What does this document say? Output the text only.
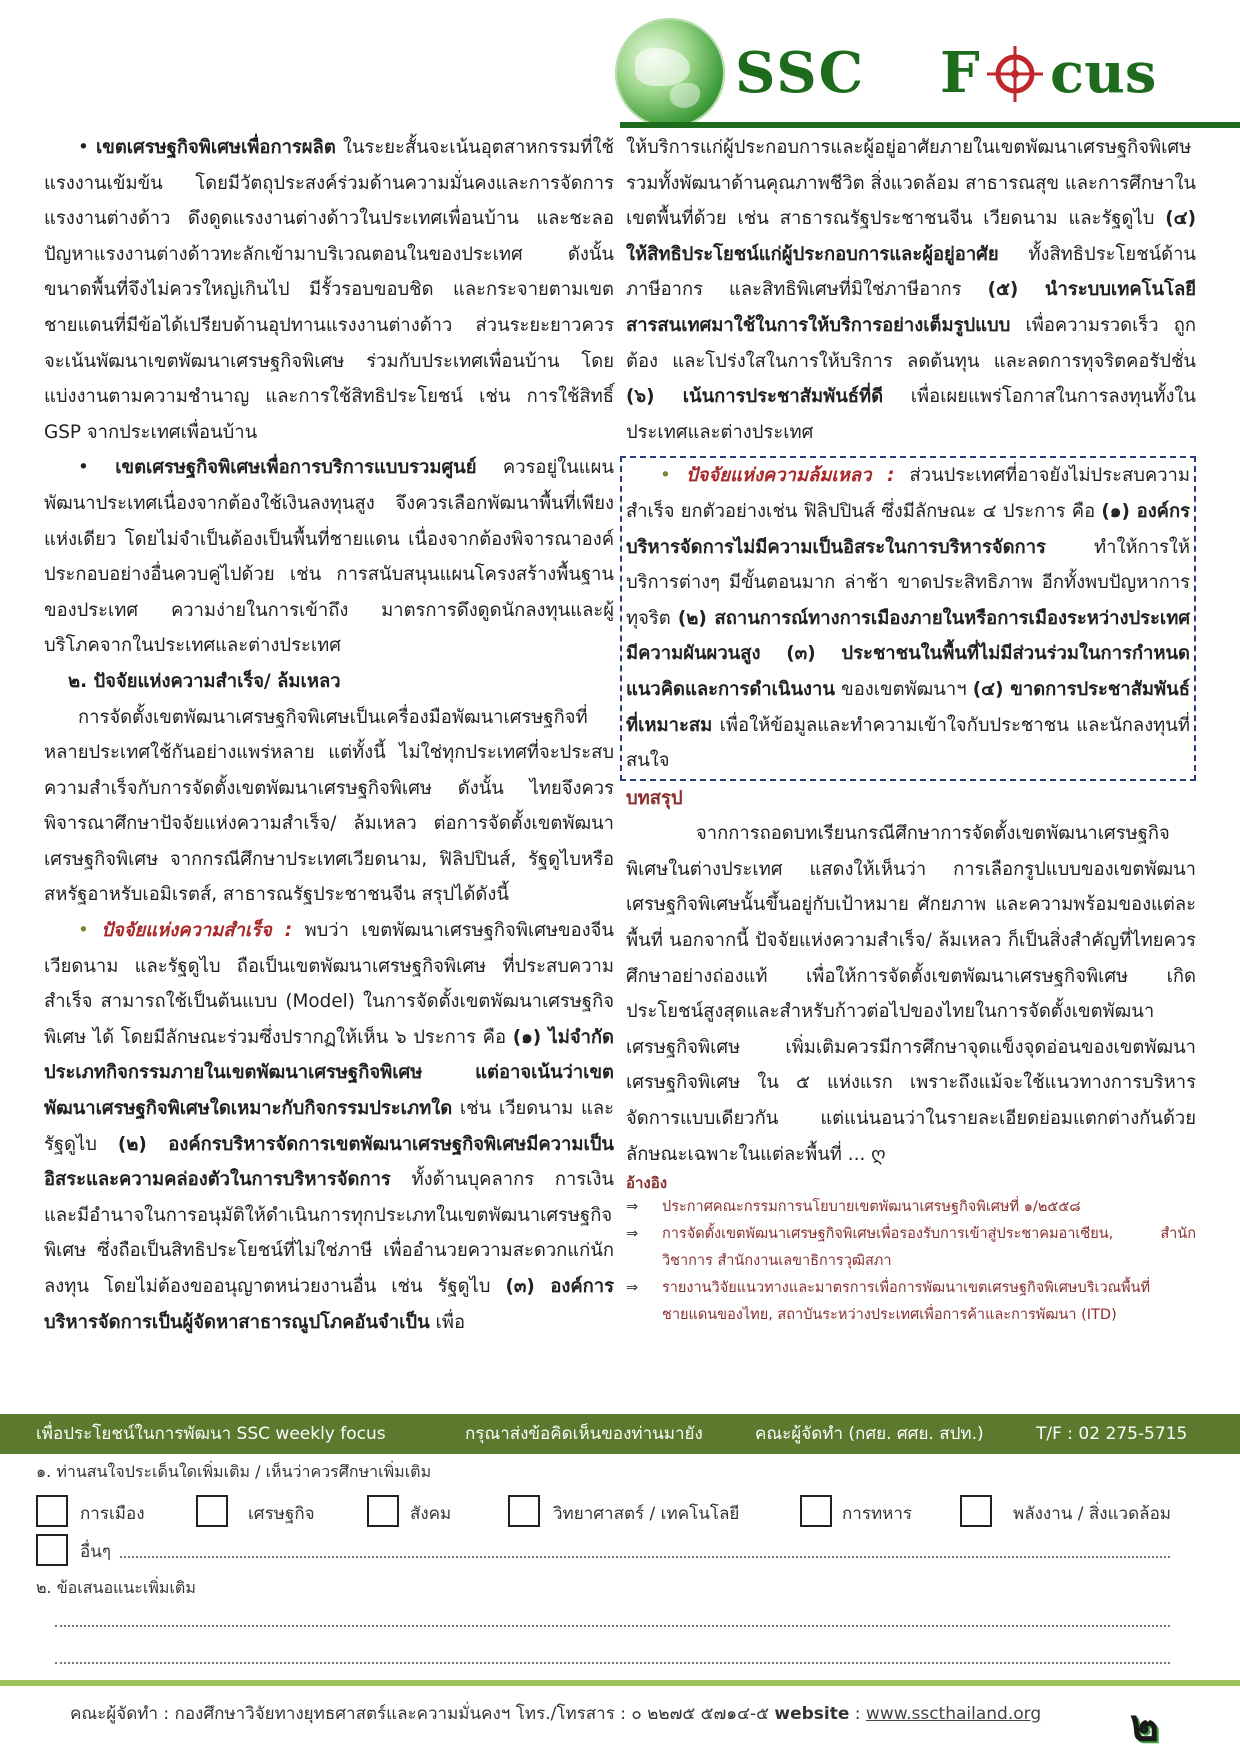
SSC F cus

• เขตเศรษฐกิจพิเศษเพื่อการผลิต ในระยะสั้นจะเน้นอุตสาหกรรมที่ใช้แรงงานเข้มข้น โดยมีวัตถุประสงค์ร่วมด้านความมั่นคงและการจัดการแรงงานต่างด้าว ดึงดูดแรงงานต่างด้าวในประเทศเพื่อนบ้าน และชะลอปัญหาแรงงานต่างด้าวทะลักเข้ามาบริเวณตอนในของประเทศ ดังนั้น ขนาดพื้นที่จึงไม่ควรใหญ่เกินไป มีรั้วรอบขอบชิด และกระจายตามเขตชายแดนที่มีข้อได้เปรียบด้านอุปทานแรงงานต่างด้าว ส่วนระยะยาวควรจะเน้นพัฒนาเขตพัฒนาเศรษฐกิจพิเศษ ร่วมกับประเทศเพื่อนบ้าน โดยแบ่งงานตามความชำนาญ และการใช้สิทธิประโยชน์ เช่น การใช้สิทธิ์ GSP จากประเทศเพื่อนบ้าน

• เขตเศรษฐกิจพิเศษเพื่อการบริการแบบรวมศูนย์ ควรอยู่ในแผนพัฒนาประเทศเนื่องจากต้องใช้เงินลงทุนสูง จึงควรเลือกพัฒนาพื้นที่เพียงแห่งเดียว โดยไม่จำเป็นต้องเป็นพื้นที่ชายแดน เนื่องจากต้องพิจารณาองค์ประกอบอย่างอื่นควบคู่ไปด้วย เช่น การสนับสนุนแผนโครงสร้างพื้นฐานของประเทศ ความง่ายในการเข้าถึง มาตรการดึงดูดนักลงทุนและผู้บริโภคจากในประเทศและต่างประเทศ

๒. ปัจจัยแห่งความสำเร็จ/ ล้มเหลว

การจัดตั้งเขตพัฒนาเศรษฐกิจพิเศษเป็นเครื่องมือพัฒนาเศรษฐกิจที่หลายประเทศใช้กันอย่างแพร่หลาย แต่ทั้งนี้ ไม่ใช่ทุกประเทศที่จะประสบความสำเร็จกับการจัดตั้งเขตพัฒนาเศรษฐกิจพิเศษ ดังนั้น ไทยจึงควรพิจารณาศึกษาปัจจัยแห่งความสำเร็จ/ ล้มเหลว ต่อการจัดตั้งเขตพัฒนาเศรษฐกิจพิเศษ จากกรณีศึกษาประเทศเวียดนาม, ฟิลิปปินส์, รัฐดูไบหรือสหรัฐอาหรับเอมิเรตส์, สาธารณรัฐประชาชนจีน สรุปได้ดังนี้

• ปัจจัยแห่งความสำเร็จ : พบว่า เขตพัฒนาเศรษฐกิจพิเศษของจีน เวียดนาม และรัฐดูไบ ถือเป็นเขตพัฒนาเศรษฐกิจพิเศษ ที่ประสบความสำเร็จ สามารถใช้เป็นต้นแบบ (Model) ในการจัดตั้งเขตพัฒนาเศรษฐกิจพิเศษ ได้ โดยมีลักษณะร่วมซึ่งปรากฏให้เห็น ๖ ประการ คือ (๑) ไม่จำกัดประเภทกิจกรรมภายในเขตพัฒนาเศรษฐกิจพิเศษ แต่อาจเน้นว่าเขตพัฒนาเศรษฐกิจพิเศษใดเหมาะกับกิจกรรมประเภทใด เช่น เวียดนาม และรัฐดูไบ (๒) องค์กรบริหารจัดการเขตพัฒนาเศรษฐกิจพิเศษมีความเป็นอิสระและความคล่องตัวในการบริหารจัดการ ทั้งด้านบุคลากร การเงิน และมีอำนาจในการอนุมัติให้ดำเนินการทุกประเภทในเขตพัฒนาเศรษฐกิจพิเศษ ซึ่งถือเป็นสิทธิประโยชน์ที่ไม่ใช่ภาษี เพื่ออำนวยความสะดวกแก่นักลงทุน โดยไม่ต้องขออนุญาตหน่วยงานอื่น เช่น รัฐดูไบ (๓) องค์การบริหารจัดการเป็นผู้จัดหาสาธารณูปโภคอันจำเป็น เพื่อ

ให้บริการแก่ผู้ประกอบการและผู้อยู่อาศัยภายในเขตพัฒนาเศรษฐกิจพิเศษ รวมทั้งพัฒนาด้านคุณภาพชีวิต สิ่งแวดล้อม สาธารณสุข และการศึกษาในเขตพื้นที่ด้วย เช่น สาธารณรัฐประชาชนจีน เวียดนาม และรัฐดูไบ (๔) ให้สิทธิประโยชน์แก่ผู้ประกอบการและผู้อยู่อาศัย ทั้งสิทธิประโยชน์ด้านภาษีอากร และสิทธิพิเศษที่มิใช่ภาษีอากร (๕) นำระบบเทคโนโลยีสารสนเทศมาใช้ในการให้บริการอย่างเต็มรูปแบบ เพื่อความรวดเร็ว ถูกต้อง และโปร่งใสในการให้บริการ ลดต้นทุน และลดการทุจริตคอรัปชั่น (๖) เน้นการประชาสัมพันธ์ที่ดี เพื่อเผยแพร่โอกาสในการลงทุนทั้งในประเทศและต่างประเทศ

• ปัจจัยแห่งความล้มเหลว : ส่วนประเทศที่อาจยังไม่ประสบความสำเร็จ ยกตัวอย่างเช่น ฟิลิปปินส์ ซึ่งมีลักษณะ ๔ ประการ คือ (๑) องค์กรบริหารจัดการไม่มีความเป็นอิสระในการบริหารจัดการ ทำให้การให้บริการต่างๆ มีขั้นตอนมาก ล่าช้า ขาดประสิทธิภาพ อีกทั้งพบปัญหาการทุจริต (๒) สถานการณ์ทางการเมืองภายในหรือการเมืองระหว่างประเทศมีความผันผวนสูง (๓) ประชาชนในพื้นที่ไม่มีส่วนร่วมในการกำหนดแนวคิดและการดำเนินงาน ของเขตพัฒนาฯ (๔) ขาดการประชาสัมพันธ์ที่เหมาะสม เพื่อให้ข้อมูลและทำความเข้าใจกับประชาชน และนักลงทุนที่สนใจ

บทสรุป

จากการถอดบทเรียนกรณีศึกษาการจัดตั้งเขตพัฒนาเศรษฐกิจพิเศษในต่างประเทศ แสดงให้เห็นว่า การเลือกรูปแบบของเขตพัฒนาเศรษฐกิจพิเศษนั้นขึ้นอยู่กับเป้าหมาย ศักยภาพ และความพร้อมของแต่ละพื้นที่ นอกจากนี้ ปัจจัยแห่งความสำเร็จ/ ล้มเหลว ก็เป็นสิ่งสำคัญที่ไทยควรศึกษาอย่างถ่องแท้ เพื่อให้การจัดตั้งเขตพัฒนาเศรษฐกิจพิเศษ เกิดประโยชน์สูงสุดและสำหรับก้าวต่อไปของไทยในการจัดตั้งเขตพัฒนาเศรษฐกิจพิเศษ เพิ่มเติมควรมีการศึกษาจุดแข็งจุดอ่อนของเขตพัฒนาเศรษฐกิจพิเศษ ใน ๕ แห่งแรก เพราะถึงแม้จะใช้แนวทางการบริหารจัดการแบบเดียวกัน แต่แน่นอนว่าในรายละเอียดย่อมแตกต่างกันด้วยลักษณะเฉพาะในแต่ละพื้นที่ ... ღ

อ้างอิง

⇒ ประกาศคณะกรรมการนโยบายเขตพัฒนาเศรษฐกิจพิเศษที่ ๑/๒๕๕๘
⇒ การจัดตั้งเขตพัฒนาเศรษฐกิจพิเศษเพื่อรองรับการเข้าสู่ประชาคมอาเซียน, สำนักวิชาการ สำนักงานเลขาธิการวุฒิสภา
⇒ รายงานวิจัยแนวทางและมาตรการเพื่อการพัฒนาเขตเศรษฐกิจพิเศษบริเวณพื้นที่ชายแดนของไทย, สถาบันระหว่างประเทศเพื่อการค้าและการพัฒนา (ITD)
เพื่อประโยชน์ในการพัฒนา SSC weekly focus	กรุณาส่งข้อคิดเห็นของท่านมายัง	คณะผู้จัดทำ (กศย. ศศย. สปท.)	T/F : 02 275-5715
๑. ท่านสนใจประเด็นใดเพิ่มเติม / เห็นว่าควรศึกษาเพิ่มเติม
การเมือง	เศรษฐกิจ	สังคม	วิทยาศาสตร์ / เทคโนโลยี	การทหาร	พลังงาน / สิ่งแวดล้อม
อื่นๆ
๒. ข้อเสนอแนะเพิ่มเติม
คณะผู้จัดทำ : กองศึกษาวิจัยทางยุทธศาสตร์และความมั่นคงฯ โทร./โทรสาร : ๐ ๒๒๗๕ ๕๗๑๔-๕ website : www.sscthailand.org ๒
